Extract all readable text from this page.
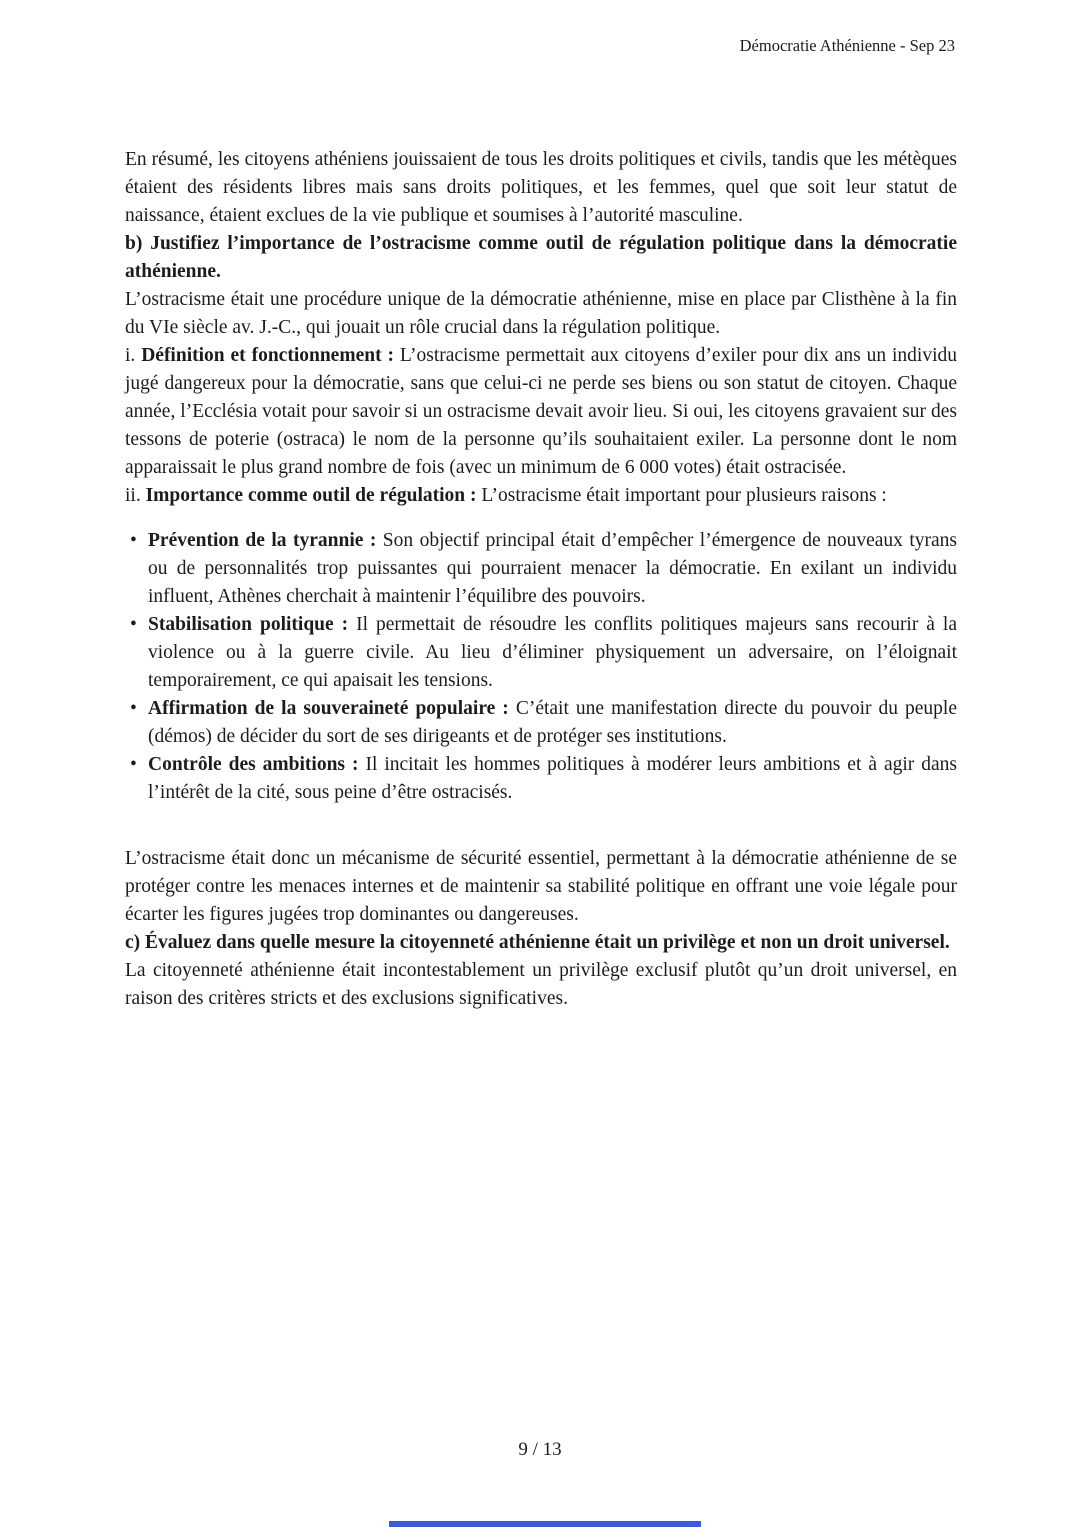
Démocratie Athénienne - Sep 23

En résumé, les citoyens athéniens jouissaient de tous les droits politiques et civils, tandis que les métèques étaient des résidents libres mais sans droits politiques, et les femmes, quel que soit leur statut de naissance, étaient exclues de la vie publique et soumises à l’autorité masculine.

b) Justifiez l’importance de l’ostracisme comme outil de régulation politique dans la démocratie athénienne.

L’ostracisme était une procédure unique de la démocratie athénienne, mise en place par Clisthène à la fin du VIe siècle av. J.-C., qui jouait un rôle crucial dans la régulation politique.

i. Définition et fonctionnement : L’ostracisme permettait aux citoyens d’exiler pour dix ans un individu jugé dangereux pour la démocratie, sans que celui-ci ne perde ses biens ou son statut de citoyen. Chaque année, l’Ecclésia votait pour savoir si un ostracisme devait avoir lieu. Si oui, les citoyens gravaient sur des tessons de poterie (ostraca) le nom de la personne qu’ils souhaitaient exiler. La personne dont le nom apparaissait le plus grand nombre de fois (avec un minimum de 6 000 votes) était ostracisée.

ii. Importance comme outil de régulation : L’ostracisme était important pour plusieurs raisons :

• Prévention de la tyrannie : Son objectif principal était d’empêcher l’émergence de nouveaux tyrans ou de personnalités trop puissantes qui pourraient menacer la démocratie. En exilant un individu influent, Athènes cherchait à maintenir l’équilibre des pouvoirs.
• Stabilisation politique : Il permettait de résoudre les conflits politiques majeurs sans recourir à la violence ou à la guerre civile. Au lieu d’éliminer physiquement un adversaire, on l’éloignait temporairement, ce qui apaisait les tensions.
• Affirmation de la souveraineté populaire : C’était une manifestation directe du pouvoir du peuple (démos) de décider du sort de ses dirigeants et de protéger ses institutions.
• Contrôle des ambitions : Il incitait les hommes politiques à modérer leurs ambitions et à agir dans l’intérêt de la cité, sous peine d’être ostracisés.

L’ostracisme était donc un mécanisme de sécurité essentiel, permettant à la démocratie athénienne de se protéger contre les menaces internes et de maintenir sa stabilité politique en offrant une voie légale pour écarter les figures jugées trop dominantes ou dangereuses.

c) Évaluez dans quelle mesure la citoyenneté athénienne était un privilège et non un droit universel.

La citoyenneté athénienne était incontestablement un privilège exclusif plutôt qu’un droit universel, en raison des critères stricts et des exclusions significatives.

9 / 13
